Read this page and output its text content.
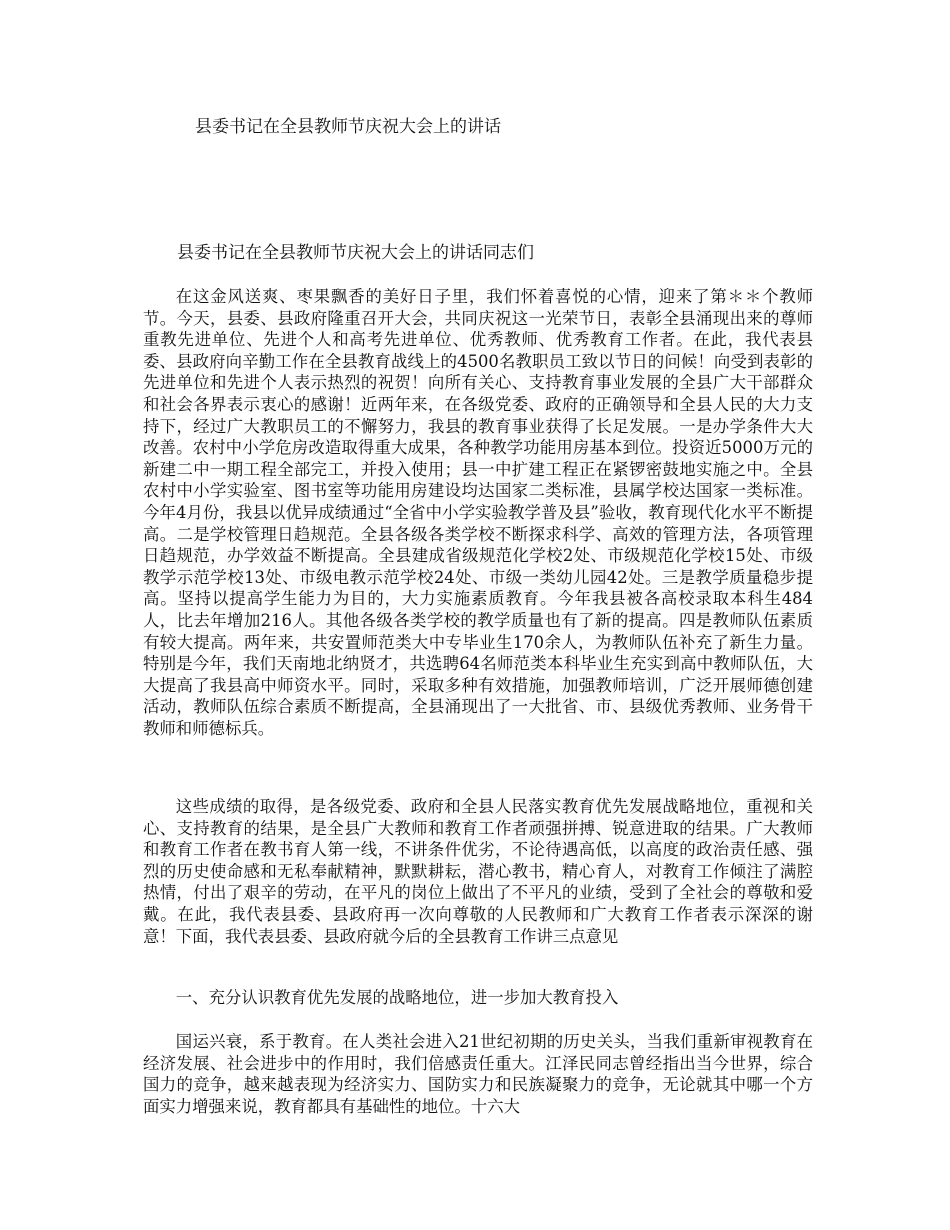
县委书记在全县教师节庆祝大会上的讲话
县委书记在全县教师节庆祝大会上的讲话同志们

在这金风送爽、枣果飘香的美好日子里，我们怀着喜悦的心情，迎来了第＊＊个教师节。今天，县委、县政府隆重召开大会，共同庆祝这一光荣节日，表彰全县涌现出来的尊师重教先进单位、先进个人和高考先进单位、优秀教师、优秀教育工作者。在此，我代表县委、县政府向辛勤工作在全县教育战线上的4500名教职员工致以节日的问候！向受到表彰的先进单位和先进个人表示热烈的祝贺！向所有关心、支持教育事业发展的全县广大干部群众和社会各界表示衷心的感谢！近两年来，在各级党委、政府的正确领导和全县人民的大力支持下，经过广大教职员工的不懈努力，我县的教育事业获得了长足发展。一是办学条件大大改善。农村中小学危房改造取得重大成果，各种教学功能用房基本到位。投资近5000万元的新建二中一期工程全部完工，并投入使用；县一中扩建工程正在紧锣密鼓地实施之中。全县农村中小学实验室、图书室等功能用房建设均达国家二类标准，县属学校达国家一类标准。今年4月份，我县以优异成绩通过“全省中小学实验教学普及县”验收，教育现代化水平不断提高。二是学校管理日趋规范。全县各级各类学校不断探求科学、高效的管理方法，各项管理日趋规范，办学效益不断提高。全县建成省级规范化学校2处、市级规范化学校15处、市级教学示范学校13处、市级电教示范学校24处、市级一类幼儿园42处。三是教学质量稳步提高。坚持以提高学生能力为目的，大力实施素质教育。今年我县被各高校录取本科生484人，比去年增加216人。其他各级各类学校的教学质量也有了新的提高。四是教师队伍素质有较大提高。两年来，共安置师范类大中专毕业生170余人，为教师队伍补充了新生力量。特别是今年，我们天南地北纳贤才，共选聘64名师范类本科毕业生充实到高中教师队伍，大大提高了我县高中师资水平。同时，采取多种有效措施，加强教师培训，广泛开展师德创建活动，教师队伍综合素质不断提高，全县涌现出了一大批省、市、县级优秀教师、业务骨干教师和师德标兵。

这些成绩的取得，是各级党委、政府和全县人民落实教育优先发展战略地位，重视和关心、支持教育的结果，是全县广大教师和教育工作者顽强拼搏、锐意进取的结果。广大教师和教育工作者在教书育人第一线，不讲条件优劣，不论待遇高低，以高度的政治责任感、强烈的历史使命感和无私奉献精神，默默耕耘，潜心教书，精心育人，对教育工作倾注了满腔热情，付出了艰辛的劳动，在平凡的岗位上做出了不平凡的业绩，受到了全社会的尊敬和爱戴。在此，我代表县委、县政府再一次向尊敬的人民教师和广大教育工作者表示深深的谢意！下面，我代表县委、县政府就今后的全县教育工作讲三点意见

一、充分认识教育优先发展的战略地位，进一步加大教育投入

国运兴衰，系于教育。在人类社会进入21世纪初期的历史关头，当我们重新审视教育在经济发展、社会进步中的作用时，我们倍感责任重大。江泽民同志曾经指出当今世界，综合国力的竞争，越来越表现为经济实力、国防实力和民族凝聚力的竞争，无论就其中哪一个方面实力增强来说，教育都具有基础性的地位。十六大
